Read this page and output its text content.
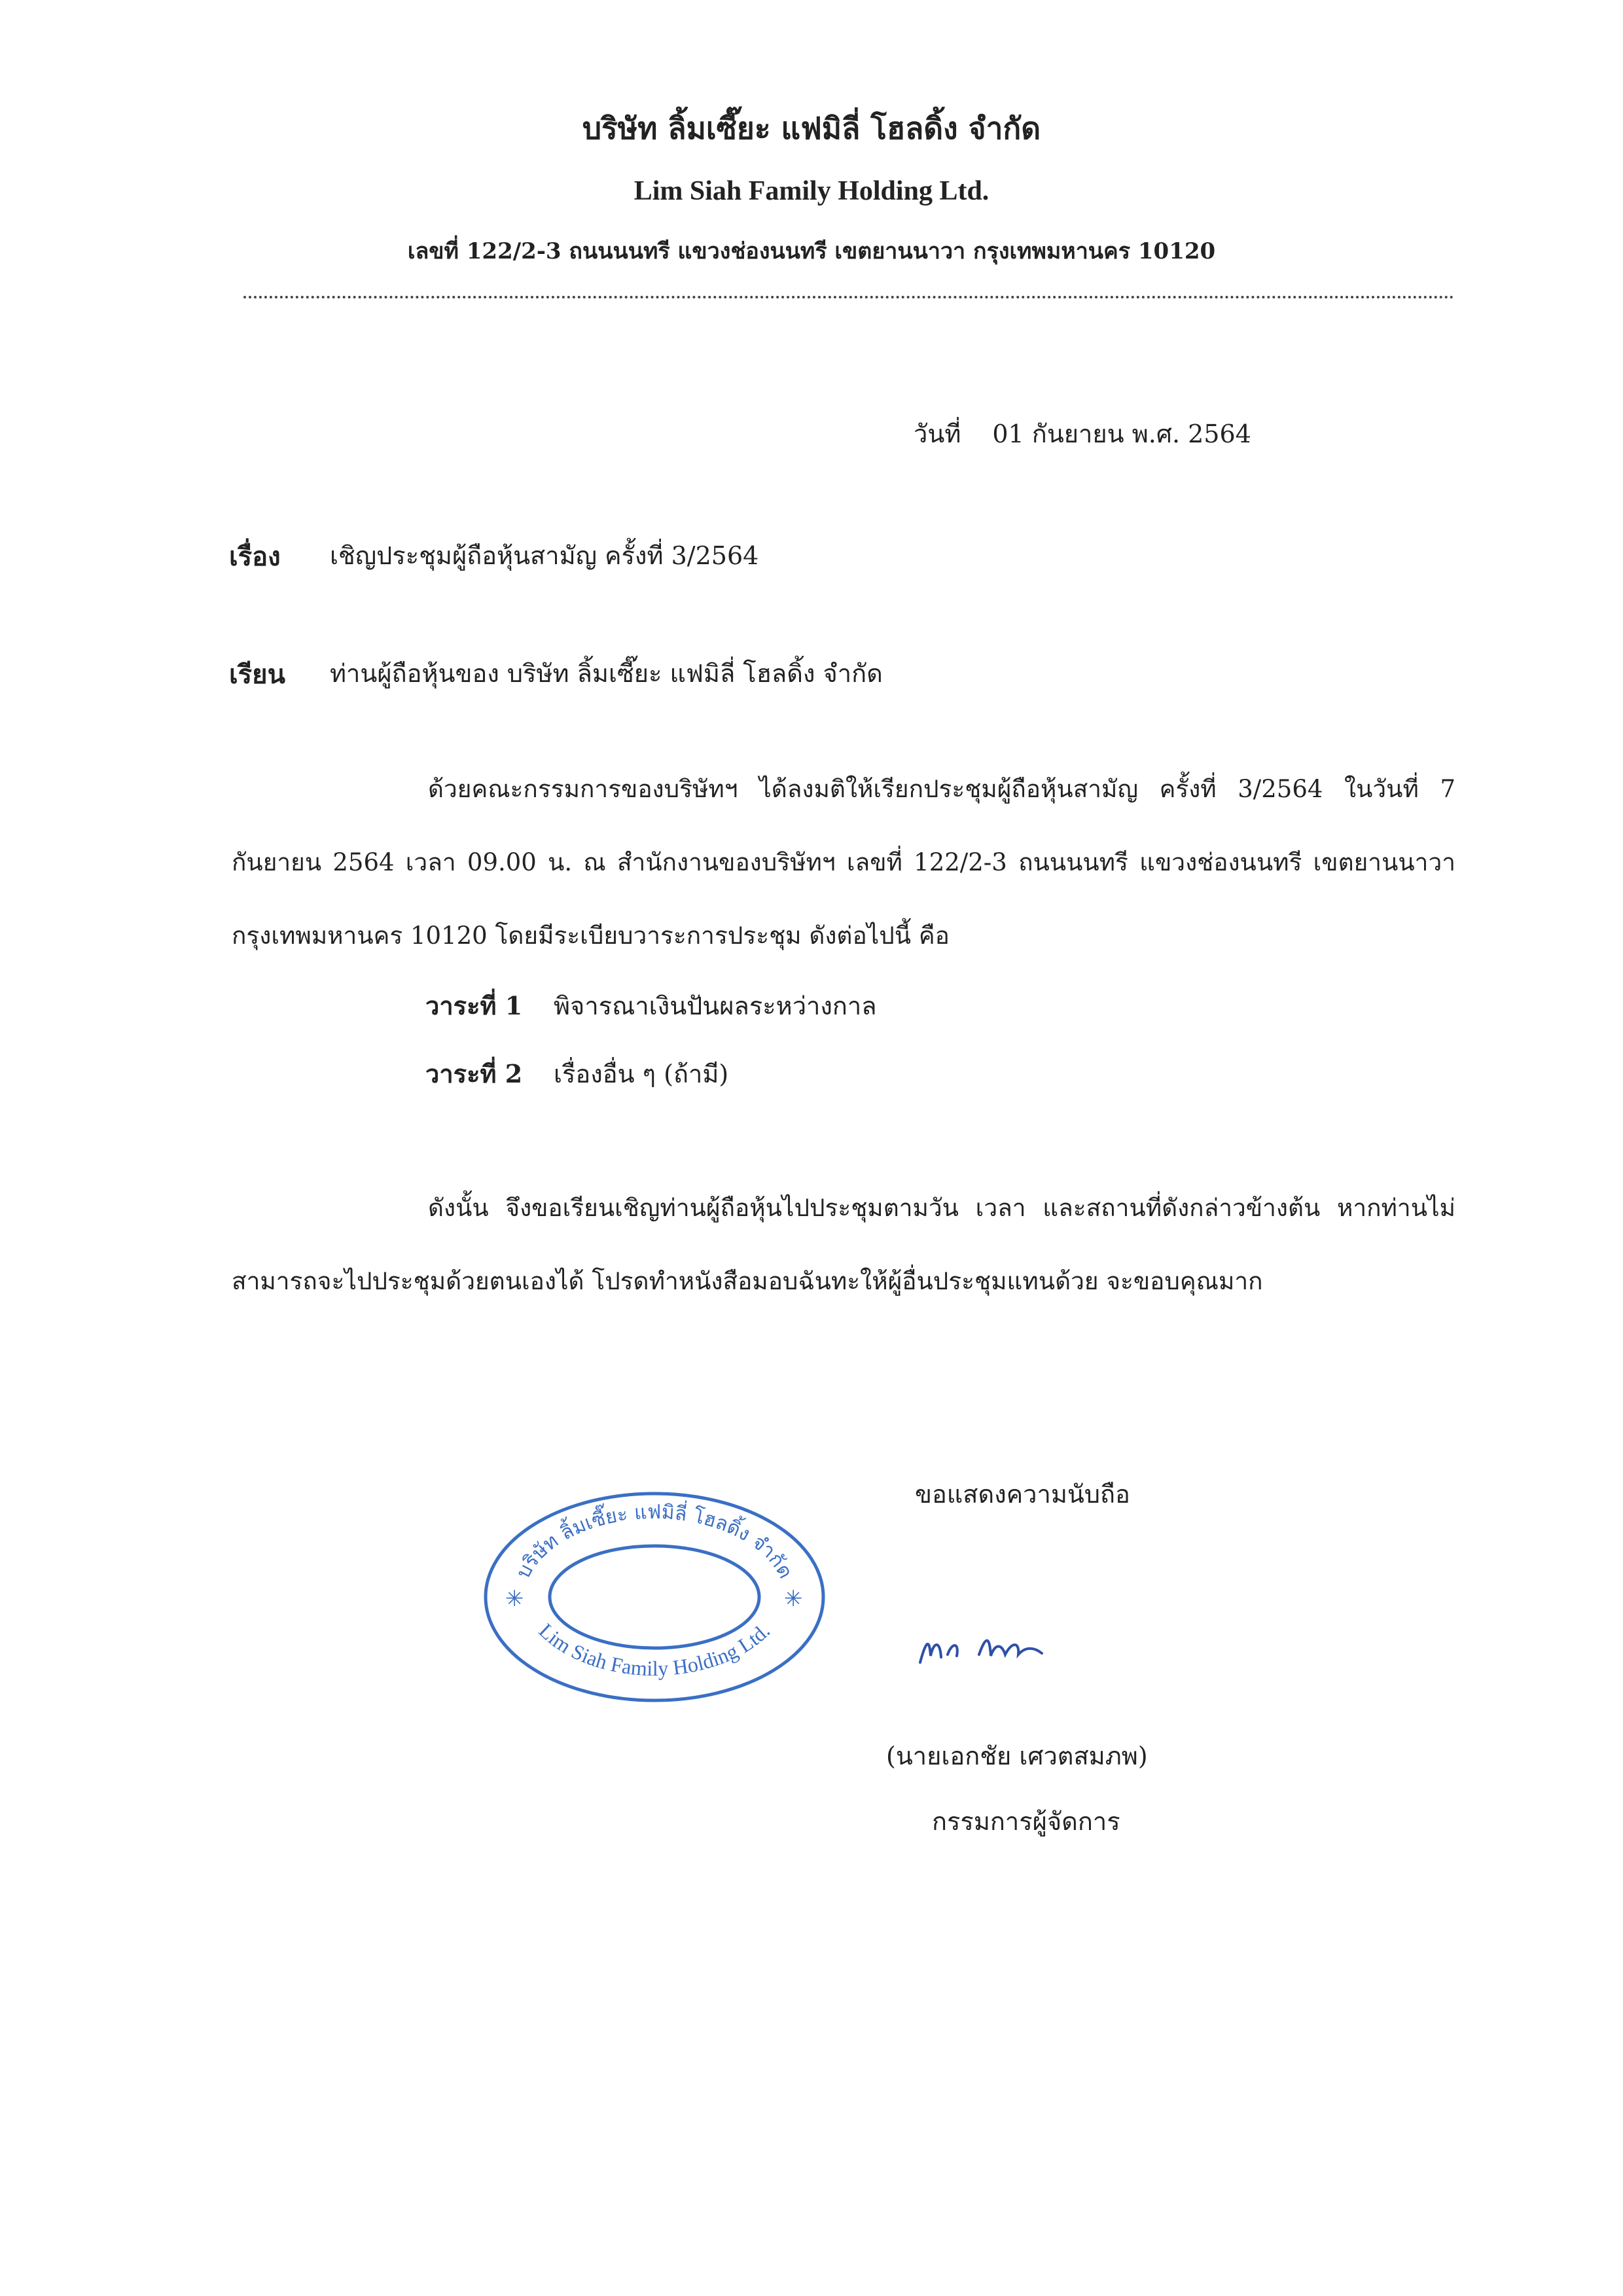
บริษัท ลิ้มเซี๊ยะ แฟมิลี่ โฮลดิ้ง จำกัด
Lim Siah Family Holding Ltd.
เลขที่ 122/2-3 ถนนนนทรี แขวงช่องนนทรี เขตยานนาวา กรุงเทพมหานคร 10120
วันที่ 01 กันยายน พ.ศ. 2564
เรื่อง เชิญประชุมผู้ถือหุ้นสามัญ ครั้งที่ 3/2564
เรียน ท่านผู้ถือหุ้นของ บริษัท ลิ้มเซี๊ยะ แฟมิลี่ โฮลดิ้ง จำกัด
ด้วยคณะกรรมการของบริษัทฯ ได้ลงมติให้เรียกประชุมผู้ถือหุ้นสามัญ ครั้งที่ 3/2564 ในวันที่ 7 กันยายน 2564 เวลา 09.00 น. ณ สำนักงานของบริษัทฯ เลขที่ 122/2-3 ถนนนนทรี แขวงช่องนนทรี เขตยานนาวา กรุงเทพมหานคร 10120 โดยมีระเบียบวาระการประชุม ดังต่อไปนี้ คือ
วาระที่ 1 พิจารณาเงินปันผลระหว่างกาล
วาระที่ 2 เรื่องอื่น ๆ (ถ้ามี)
ดังนั้น จึงขอเรียนเชิญท่านผู้ถือหุ้นไปประชุมตามวัน เวลา และสถานที่ดังกล่าวข้างต้น หากท่านไม่สามารถจะไปประชุมด้วยตนเองได้ โปรดทำหนังสือมอบฉันทะให้ผู้อื่นประชุมแทนด้วย จะขอบคุณมาก
ขอแสดงความนับถือ
บริษัท ลิ้มเซี๊ยะ แฟมิลี่ โฮลดิ้ง จำกัด
Lim Siah Family Holding Ltd.
✳	✳
(นายเอกชัย เศวตสมภพ)
กรรมการผู้จัดการ
